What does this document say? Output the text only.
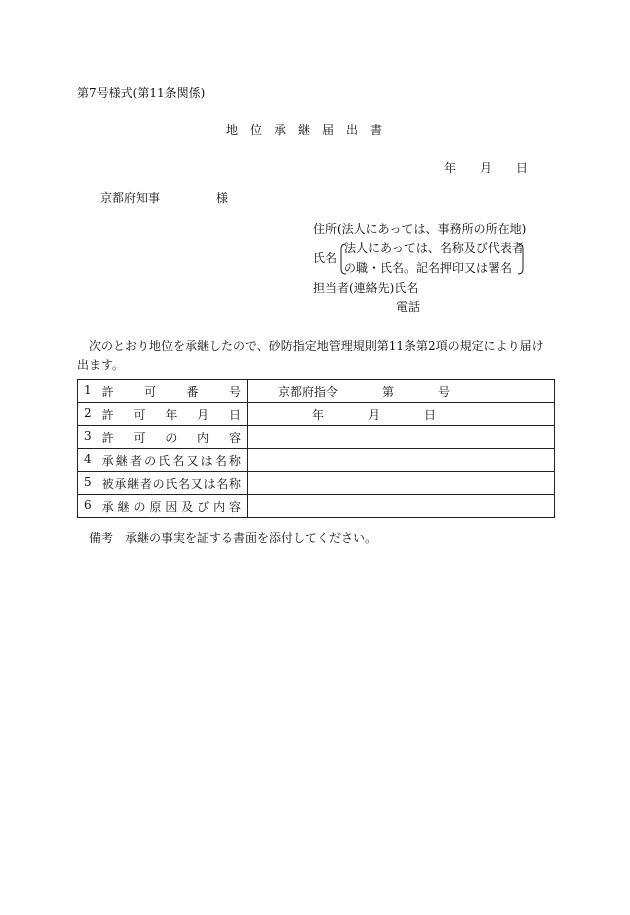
第7号様式(第11条関係)
地位承継届出書
年 月 日
京都府知事	様
住所(法人にあっては、事務所の所在地)
氏名
法人にあっては、名称及び代表者
の職・氏名。記名押印又は署名
担当者(連絡先)氏名
電話
次のとおり地位を承継したので、砂防指定地管理規則第11条第2項の規定により届け出ます。
1 許可番号	京都府指令 第 号

2 許可年月日	年 月 日

3 許可の内容	

4 承継者の氏名又は名称	

5 被承継者の氏名又は名称	

6 承継の原因及び内容	

備考 承継の事実を証する書面を添付してください。
